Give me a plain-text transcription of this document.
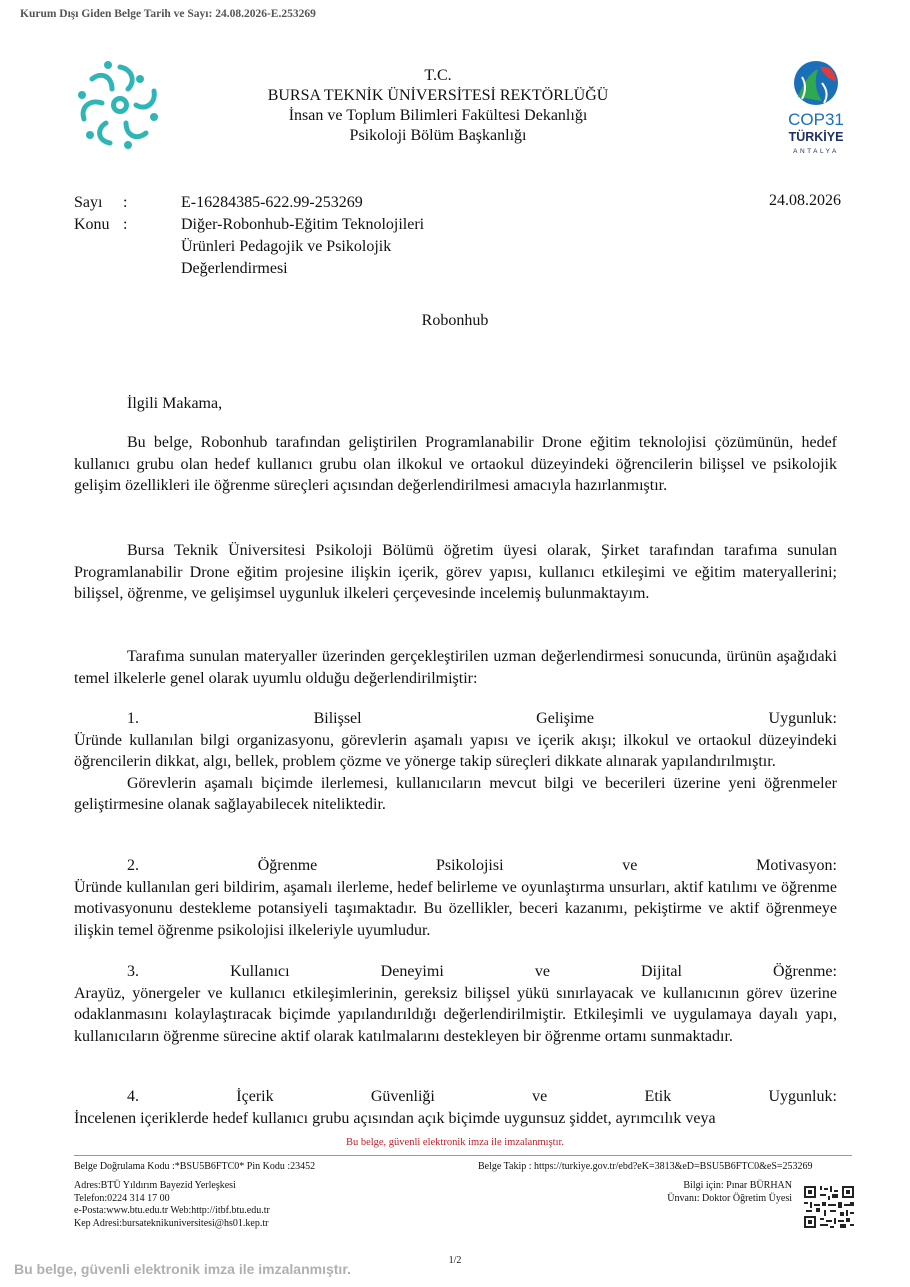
Kurum Dışı Giden Belge Tarih ve Sayı: 24.08.2026-E.253269
T.C.
BURSA TEKNİK ÜNİVERSİTESİ REKTÖRLÜĞÜ
İnsan ve Toplum Bilimleri Fakültesi Dekanlığı
Psikoloji Bölüm Başkanlığı
COP31
TÜRKİYE
ANTALYA
Sayı :	E-16284385-622.99-253269	24.08.2026
Konu :	Diğer-Robonhub-Eğitim Teknolojileri Ürünleri Pedagojik ve Psikolojik Değerlendirmesi
Robonhub
İlgili Makama,
Bu belge, Robonhub tarafından geliştirilen Programlanabilir Drone eğitim teknolojisi çözümünün, hedef kullanıcı grubu olan hedef kullanıcı grubu olan ilkokul ve ortaokul düzeyindeki öğrencilerin bilişsel ve psikolojik gelişim özellikleri ile öğrenme süreçleri açısından değerlendirilmesi amacıyla hazırlanmıştır.
Bursa Teknik Üniversitesi Psikoloji Bölümü öğretim üyesi olarak, Şirket tarafından tarafıma sunulan Programlanabilir Drone eğitim projesine ilişkin içerik, görev yapısı, kullanıcı etkileşimi ve eğitim materyallerini; bilişsel, öğrenme, ve gelişimsel uygunluk ilkeleri çerçevesinde incelemiş bulunmaktayım.
Tarafıma sunulan materyaller üzerinden gerçekleştirilen uzman değerlendirmesi sonucunda, ürünün aşağıdaki temel ilkelerle genel olarak uyumlu olduğu değerlendirilmiştir:
1.	Bilişsel	Gelişime	Uygunluk:
Üründe kullanılan bilgi organizasyonu, görevlerin aşamalı yapısı ve içerik akışı; ilkokul ve ortaokul düzeyindeki öğrencilerin dikkat, algı, bellek, problem çözme ve yönerge takip süreçleri dikkate alınarak yapılandırılmıştır.
Görevlerin aşamalı biçimde ilerlemesi, kullanıcıların mevcut bilgi ve becerileri üzerine yeni öğrenmeler geliştirmesine olanak sağlayabilecek niteliktedir.
2.	Öğrenme	Psikolojisi	ve	Motivasyon:
Üründe kullanılan geri bildirim, aşamalı ilerleme, hedef belirleme ve oyunlaştırma unsurları, aktif katılımı ve öğrenme motivasyonunu destekleme potansiyeli taşımaktadır. Bu özellikler, beceri kazanımı, pekiştirme ve aktif öğrenmeye ilişkin temel öğrenme psikolojisi ilkeleriyle uyumludur.
3.	Kullanıcı	Deneyimi	ve	Dijital	Öğrenme:
Arayüz, yönergeler ve kullanıcı etkileşimlerinin, gereksiz bilişsel yükü sınırlayacak ve kullanıcının görev üzerine odaklanmasını kolaylaştıracak biçimde yapılandırıldığı değerlendirilmiştir. Etkileşimli ve uygulamaya dayalı yapı, kullanıcıların öğrenme sürecine aktif olarak katılmalarını destekleyen bir öğrenme ortamı sunmaktadır.
4.	İçerik	Güvenliği	ve	Etik	Uygunluk:
İncelenen içeriklerde hedef kullanıcı grubu açısından açık biçimde uygunsuz şiddet, ayrımcılık veya
Bu belge, güvenli elektronik imza ile imzalanmıştır.
Belge Doğrulama Kodu :*BSU5B6FTC0* Pin Kodu :23452	Belge Takip : https://turkiye.gov.tr/ebd?eK=3813&eD=BSU5B6FTC0&eS=253269
Adres:BTÜ Yıldırım Bayezid Yerleşkesi
Telefon:0224 314 17 00
e-Posta:www.btu.edu.tr Web:http://itbf.btu.edu.tr
Kep Adresi:bursateknikuniversitesi@hs01.kep.tr
Bilgi için: Pınar BÜRHAN
Ünvanı: Doktor Öğretim Üyesi
1/2
Bu belge, güvenli elektronik imza ile imzalanmıştır.
